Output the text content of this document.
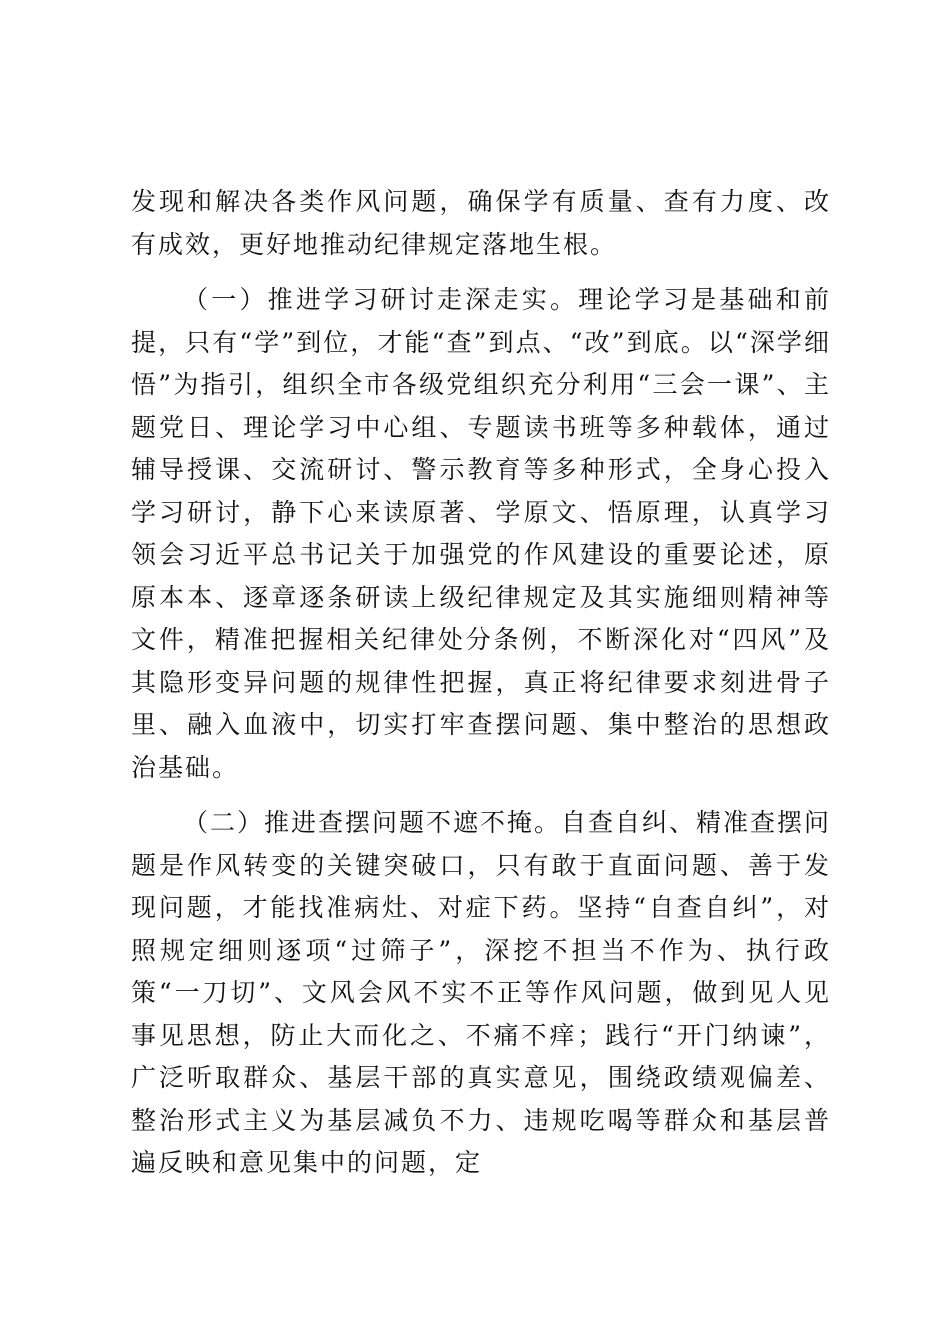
发现和解决各类作风问题，确保学有质量、查有力度、改有成效，更好地推动纪律规定落地生根。

（一）推进学习研讨走深走实。理论学习是基础和前提，只有“学”到位，才能“查”到点、“改”到底。以“深学细悟”为指引，组织全市各级党组织充分利用“三会一课”、主题党日、理论学习中心组、专题读书班等多种载体，通过辅导授课、交流研讨、警示教育等多种形式，全身心投入学习研讨，静下心来读原著、学原文、悟原理，认真学习领会习近平总书记关于加强党的作风建设的重要论述，原原本本、逐章逐条研读上级纪律规定及其实施细则精神等文件，精准把握相关纪律处分条例，不断深化对“四风”及其隐形变异问题的规律性把握，真正将纪律要求刻进骨子里、融入血液中，切实打牢查摆问题、集中整治的思想政治基础。

（二）推进查摆问题不遮不掩。自查自纠、精准查摆问题是作风转变的关键突破口，只有敢于直面问题、善于发现问题，才能找准病灶、对症下药。坚持“自查自纠”，对照规定细则逐项“过筛子”，深挖不担当不作为、执行政策“一刀切”、文风会风不实不正等作风问题，做到见人见事见思想，防止大而化之、不痛不痒；践行“开门纳谏”，广泛听取群众、基层干部的真实意见，围绕政绩观偏差、整治形式主义为基层减负不力、违规吃喝等群众和基层普遍反映和意见集中的问题，定
